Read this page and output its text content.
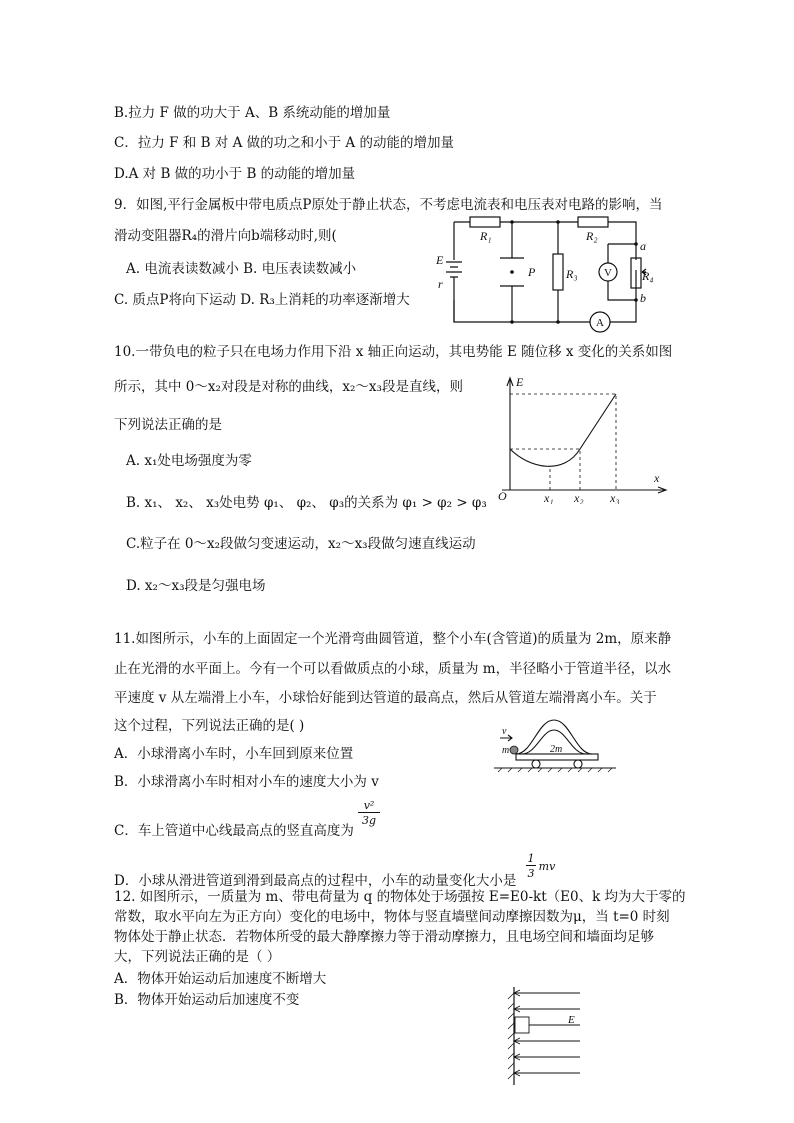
B.拉力 F 做的功大于 A、B 系统动能的增加量
C．拉力 F 和 B 对 A 做的功之和小于 A 的动能的增加量
D.A 对 B 做的功小于 B 的动能的增加量
9．如图,平行金属板中带电质点P原处于静止状态，不考虑电流表和电压表对电路的影响，当
滑动变阻器R₄的滑片向b端移动时,则(
A. 电流表读数减小 B. 电压表读数减小
C. 质点P将向下运动 D. R₃上消耗的功率逐渐增大
R₁	R₂
R₃	R₄
E
r
P
a
b
V
A
10.一带负电的粒子只在电场力作用下沿 x 轴正向运动，其电势能 E 随位移 x 变化的关系如图
所示，其中 0～x₂对段是对称的曲线，x₂～x₃段是直线，则
下列说法正确的是
A. x₁处电场强度为零
B. x₁、 x₂、 x₃处电势 φ₁、 φ₂、 φ₃的关系为 φ₁ > φ₂ > φ₃
C.粒子在 0～x₂段做匀变速运动，x₂～x₃段做匀速直线运动
D. x₂～x₃段是匀强电场
E
x
O	x₁ x₂ x₃
11.如图所示，小车的上面固定一个光滑弯曲圆管道，整个小车(含管道)的质量为 2m，原来静
止在光滑的水平面上。今有一个可以看做质点的小球，质量为 m，半径略小于管道半径，以水
平速度 v 从左端滑上小车，小球恰好能到达管道的最高点，然后从管道左端滑离小车。关于
这个过程，下列说法正确的是( )
A．小球滑离小车时，小车回到原来位置
B．小球滑离小车时相对小车的速度大小为 v
C．车上管道中心线最高点的竖直高度为
v²
3g
D．小球从滑进管道到滑到最高点的过程中，小车的动量变化大小是
1
3
mv
v
m	2m
12. 如图所示，一质量为 m、带电荷量为 q 的物体处于场强按 E=E0-kt（E0、k 均为大于零的
常数，取水平向左为正方向）变化的电场中，物体与竖直墙壁间动摩擦因数为μ，当 t=0 时刻
物体处于静止状态．若物体所受的最大静摩擦力等于滑动摩擦力，且电场空间和墙面均足够
大，下列说法正确的是（ ）
A．物体开始运动后加速度不断增大
B．物体开始运动后加速度不变
E
